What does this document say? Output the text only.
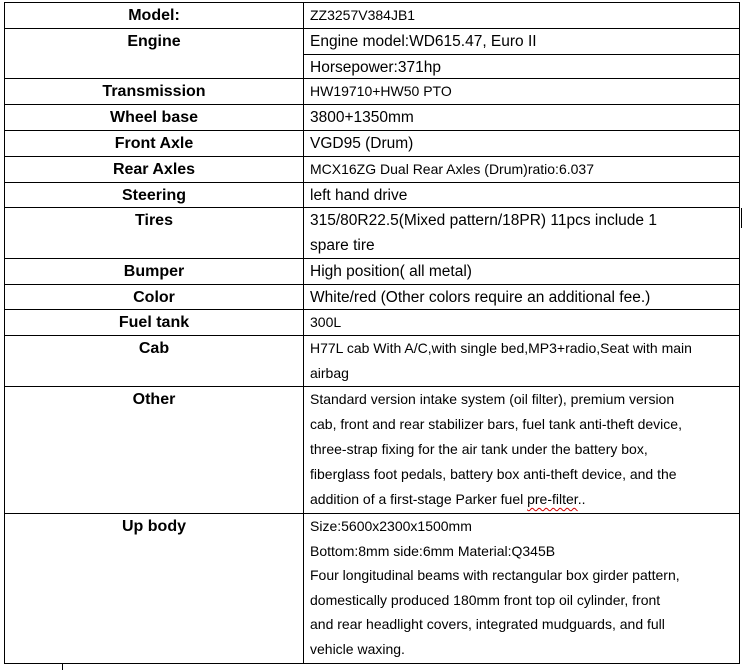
Model:	ZZ3257V384JB1
Engine	Engine model:WD615.47, Euro II
Horsepower:371hp
Transmission	HW19710+HW50 PTO
Wheel base	3800+1350mm
Front Axle	VGD95 (Drum)
Rear Axles	MCX16ZG Dual Rear Axles (Drum)ratio:6.037
Steering	left hand drive
Tires	315/80R22.5(Mixed pattern/18PR) 11pcs include 1
spare tire
Bumper	High position( all metal)
Color	White/red (Other colors require an additional fee.)
Fuel tank	300L
Cab	H77L cab With A/C,with single bed,MP3+radio,Seat with main
airbag
Other	Standard version intake system (oil filter), premium version
cab, front and rear stabilizer bars, fuel tank anti-theft device,
three-strap fixing for the air tank under the battery box,
fiberglass foot pedals, battery box anti-theft device, and the
addition of a first-stage Parker fuel pre-filter..
Up body	Size:5600x2300x1500mm
Bottom:8mm side:6mm Material:Q345B
Four longitudinal beams with rectangular box girder pattern,
domestically produced 180mm front top oil cylinder, front
and rear headlight covers, integrated mudguards, and full
vehicle waxing.
